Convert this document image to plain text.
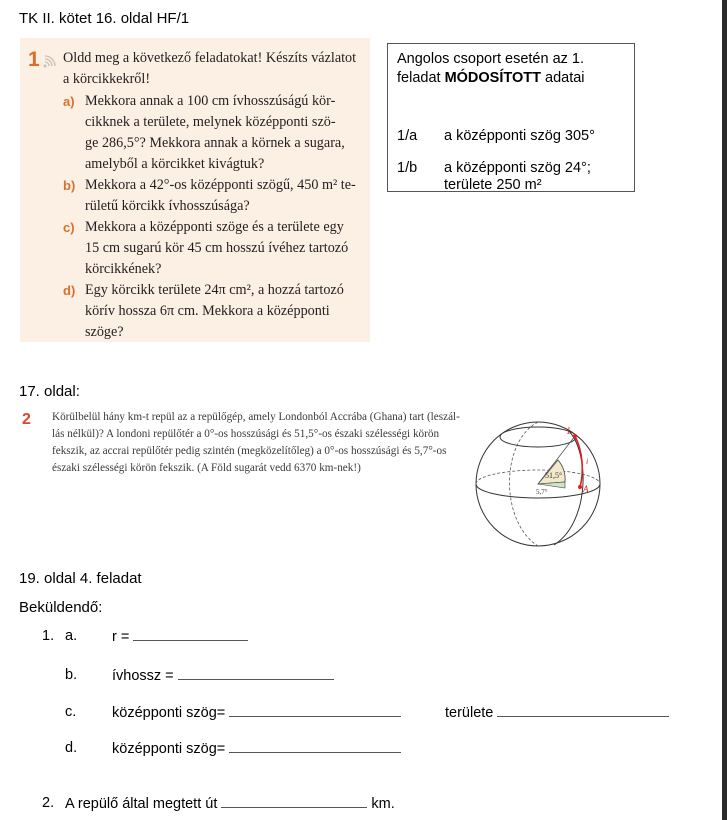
TK II. kötet 16. oldal HF/1
1 Oldd meg a következő feladatokat! Készíts vázlatot
a körcikkekről!
a) Mekkora annak a 100 cm ívhosszúságú kör-
cikknek a területe, melynek középponti szö-
ge 286,5°? Mekkora annak a körnek a sugara,
amelyből a körcikket kivágtuk?
b) Mekkora a 42°-os középponti szögű, 450 m² te-
rületű körcikk ívhosszúsága?
c) Mekkora a középponti szöge és a területe egy
15 cm sugarú kör 45 cm hosszú ívéhez tartozó
körcikkének?
d) Egy körcikk területe 24π cm², a hozzá tartozó
körív hossza 6π cm. Mekkora a középponti
szöge?
Angolos csoport esetén az 1.
feladat MÓDOSÍTOTT adatai
1/a a középponti szög 305°
1/b a középponti szög 24°;
területe 250 m²
17. oldal:
2 Körülbelül hány km-t repül az a repülőgép, amely Londonból Accrába (Ghana) tart (leszál-
lás nélkül)? A londoni repülőtér a 0°-os hosszúsági és 51,5°-os északi szélességi körön
fekszik, az accrai repülőtér pedig szintén (megközelítőleg) a 0°-os hosszúsági és 5,7°-os
északi szélességi körön fekszik. (A Föld sugarát vedd 6370 km-nek!)
51,5°
5,7°
L
A
i
19. oldal 4. feladat
Beküldendő:
1. a. r =
b. ívhossz =
c. középponti szög=	területe
d. középponti szög=
2. A repülő által megtett út	km.
